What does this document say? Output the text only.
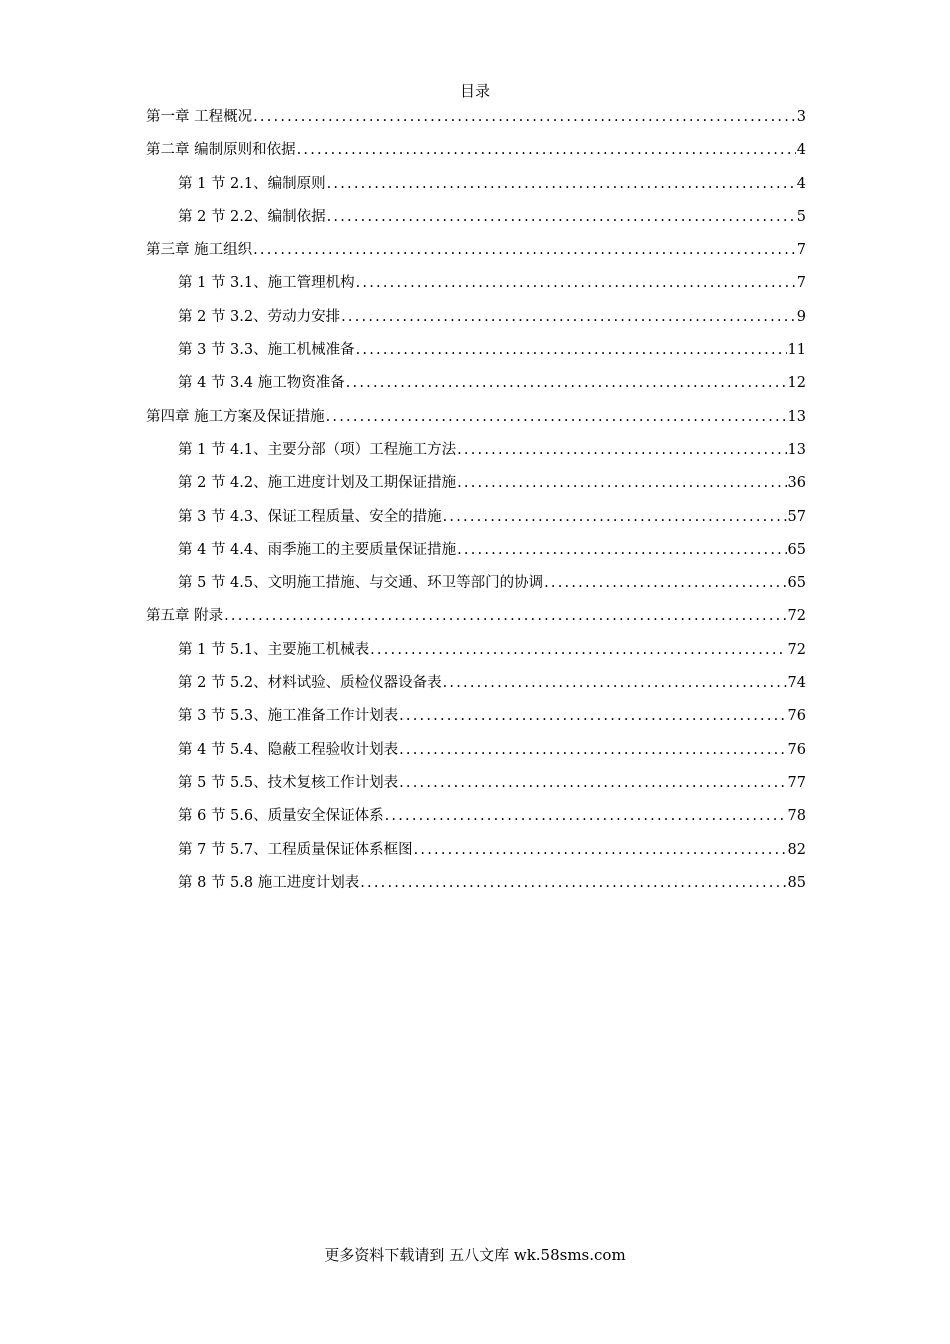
目录
第一章 工程概况 .....	3
第二章 编制原则和依据 .....	4
第 1 节 2.1、编制原则 .....	4
第 2 节 2.2、编制依据 .....	5
第三章 施工组织 .....	7
第 1 节 3.1、施工管理机构 .....	7
第 2 节 3.2、劳动力安排 .....	9
第 3 节 3.3、施工机械准备 .....	11
第 4 节 3.4 施工物资准备 .....	12
第四章 施工方案及保证措施 .....	13
第 1 节 4.1、主要分部（项）工程施工方法 .....	13
第 2 节 4.2、施工进度计划及工期保证措施 .....	36
第 3 节 4.3、保证工程质量、安全的措施 .....	57
第 4 节 4.4、雨季施工的主要质量保证措施 .....	65
第 5 节 4.5、文明施工措施、与交通、环卫等部门的协调 .....	65
第五章 附录 .....	72
第 1 节 5.1、主要施工机械表 .....	72
第 2 节 5.2、材料试验、质检仪器设备表 .....	74
第 3 节 5.3、施工准备工作计划表 .....	76
第 4 节 5.4、隐蔽工程验收计划表 .....	76
第 5 节 5.5、技术复核工作计划表 .....	77
第 6 节 5.6、质量安全保证体系 .....	78
第 7 节 5.7、工程质量保证体系框图 .....	82
第 8 节 5.8 施工进度计划表 .....	85
更多资料下载请到 五八文库 wk.58sms.com
